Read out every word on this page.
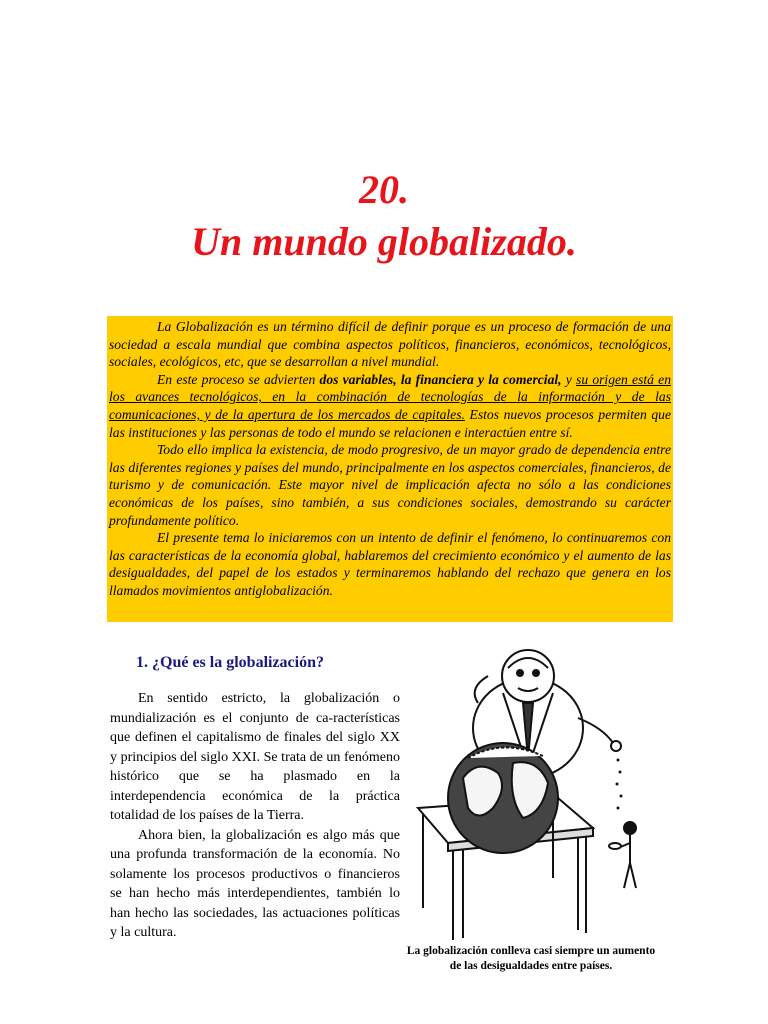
20.
Un mundo globalizado.

La Globalización es un término difícil de definir porque es un proceso de formación de una sociedad a escala mundial que combina aspectos políticos, financieros, económicos, tecnológicos, sociales, ecológicos, etc, que se desarrollan a nivel mundial.

En este proceso se advierten dos variables, la financiera y la comercial, y su origen está en los avances tecnológicos, en la combinación de tecnologías de la información y de las comunicaciones, y de la apertura de los mercados de capitales. Estos nuevos procesos permiten que las instituciones y las personas de todo el mundo se relacionen e interactúen entre sí.

Todo ello implica la existencia, de modo progresivo, de un mayor grado de dependencia entre las diferentes regiones y países del mundo, principalmente en los aspectos comerciales, financieros, de turismo y de comunicación. Este mayor nivel de implicación afecta no sólo a las condiciones económicas de los países, sino también, a sus condiciones sociales, demostrando su carácter profundamente político.

El presente tema lo iniciaremos con un intento de definir el fenómeno, lo continuaremos con las características de la economía global, hablaremos del crecimiento económico y el aumento de las desigualdades, del papel de los estados y terminaremos hablando del rechazo que genera en los llamados movimientos antiglobalización.

1. ¿Qué es la globalización?

En sentido estricto, la globalización o mundialización es el conjunto de ca-racterísticas que definen el capitalismo de finales del siglo XX y principios del siglo XXI. Se trata de un fenómeno histórico que se ha plasmado en la interdependencia económica de la práctica totalidad de los países de la Tierra.

Ahora bien, la globalización es algo más que una profunda transformación de la economía. No solamente los procesos productivos o financieros se han hecho más interdependientes, también lo han hecho las sociedades, las actuaciones políticas y la cultura.

La globalización conlleva casi siempre un aumento de las desigualdades entre países.
